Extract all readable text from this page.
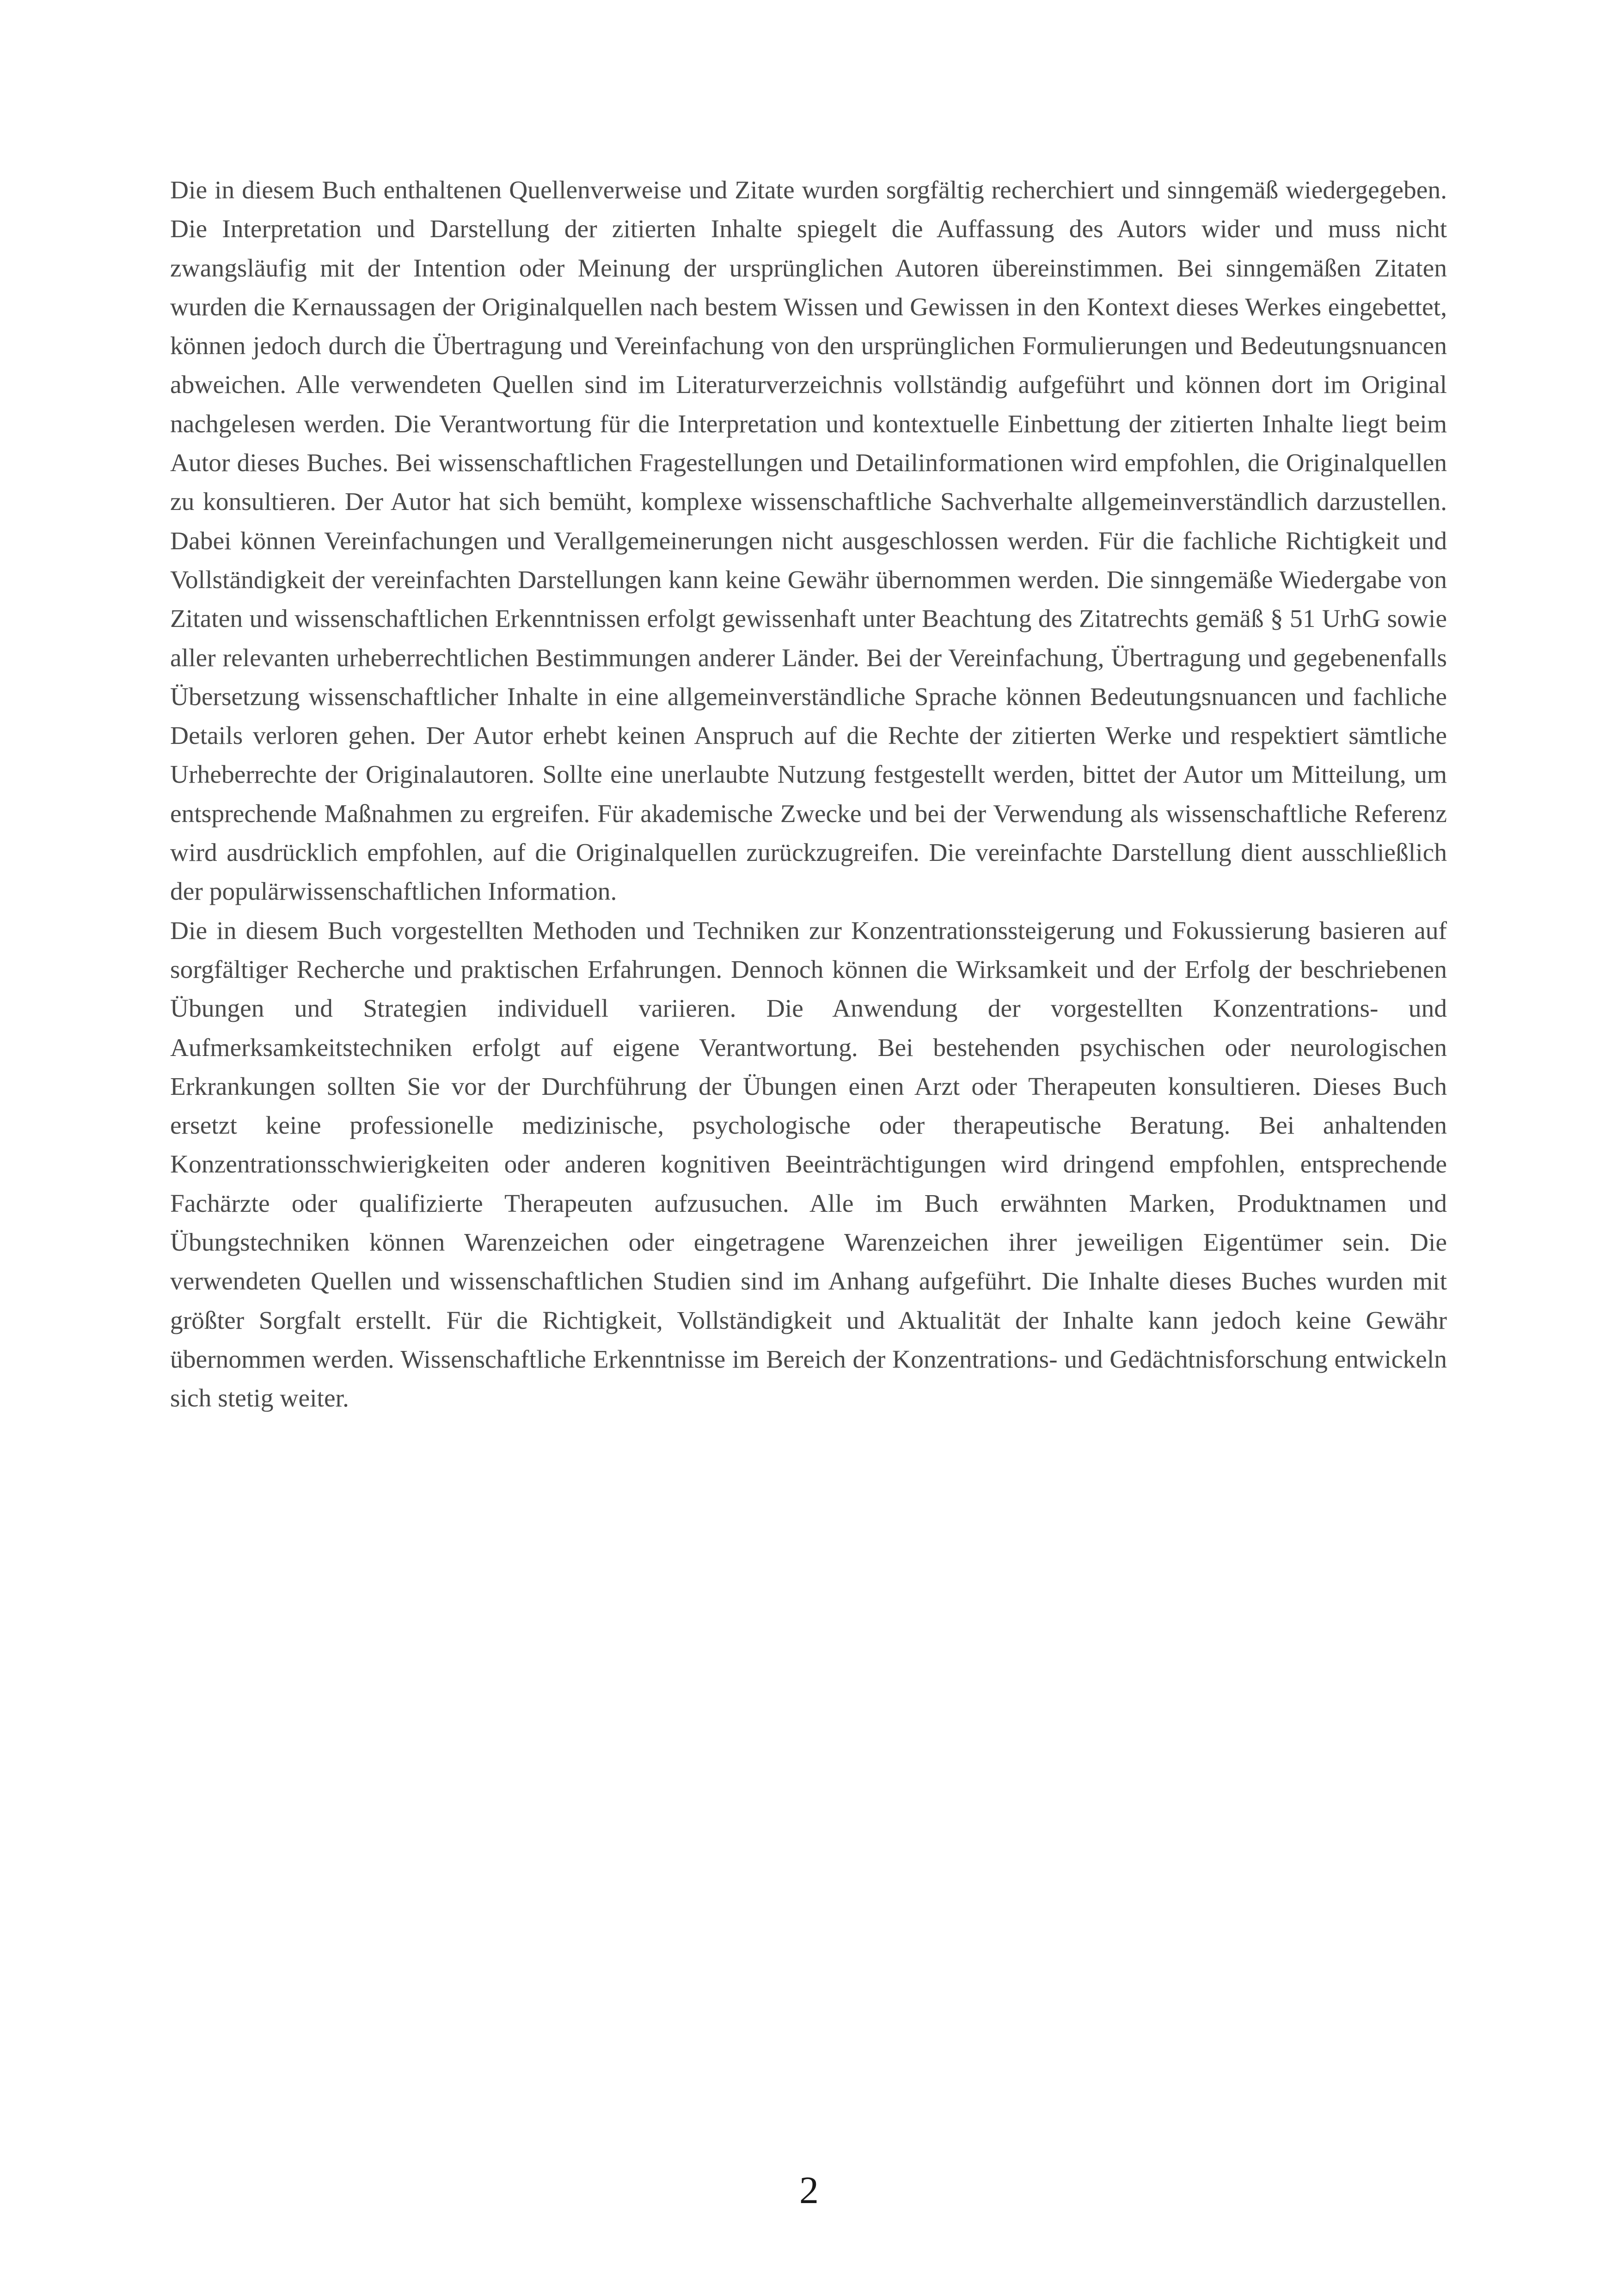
Die in diesem Buch enthaltenen Quellenverweise und Zitate wurden sorgfältig recherchiert und sinngemäß wiedergegeben. Die Interpretation und Darstellung der zitierten Inhalte spiegelt die Auffassung des Autors wider und muss nicht zwangsläufig mit der Intention oder Meinung der ursprünglichen Autoren übereinstimmen. Bei sinngemäßen Zitaten wurden die Kernaussagen der Originalquellen nach bestem Wissen und Gewissen in den Kontext dieses Werkes eingebettet, können jedoch durch die Übertragung und Vereinfachung von den ursprünglichen Formulierungen und Bedeutungsnuancen abweichen. Alle verwendeten Quellen sind im Literaturverzeichnis vollständig aufgeführt und können dort im Original nachgelesen werden. Die Verantwortung für die Interpretation und kontextuelle Einbettung der zitierten Inhalte liegt beim Autor dieses Buches. Bei wissenschaftlichen Fragestellungen und Detailinformationen wird empfohlen, die Originalquellen zu konsultieren. Der Autor hat sich bemüht, komplexe wissenschaftliche Sachverhalte allgemeinverständlich darzustellen. Dabei können Vereinfachungen und Verallgemeinerungen nicht ausgeschlossen werden. Für die fachliche Richtigkeit und Vollständigkeit der vereinfachten Darstellungen kann keine Gewähr übernommen werden. Die sinngemäße Wiedergabe von Zitaten und wissenschaftlichen Erkenntnissen erfolgt gewissenhaft unter Beachtung des Zitatrechts gemäß § 51 UrhG sowie aller relevanten urheberrechtlichen Bestimmungen anderer Länder. Bei der Vereinfachung, Übertragung und gegebenenfalls Übersetzung wissenschaftlicher Inhalte in eine allgemeinverständliche Sprache können Bedeutungsnuancen und fachliche Details verloren gehen. Der Autor erhebt keinen Anspruch auf die Rechte der zitierten Werke und respektiert sämtliche Urheberrechte der Originalautoren. Sollte eine unerlaubte Nutzung festgestellt werden, bittet der Autor um Mitteilung, um entsprechende Maßnahmen zu ergreifen. Für akademische Zwecke und bei der Verwendung als wissenschaftliche Referenz wird ausdrücklich empfohlen, auf die Originalquellen zurückzugreifen. Die vereinfachte Darstellung dient ausschließlich der populärwissenschaftlichen Information.

Die in diesem Buch vorgestellten Methoden und Techniken zur Konzentrationssteigerung und Fokussierung basieren auf sorgfältiger Recherche und praktischen Erfahrungen. Dennoch können die Wirksamkeit und der Erfolg der beschriebenen Übungen und Strategien individuell variieren. Die Anwendung der vorgestellten Konzentrations- und Aufmerksamkeitstechniken erfolgt auf eigene Verantwortung. Bei bestehenden psychischen oder neurologischen Erkrankungen sollten Sie vor der Durchführung der Übungen einen Arzt oder Therapeuten konsultieren. Dieses Buch ersetzt keine professionelle medizinische, psychologische oder therapeutische Beratung. Bei anhaltenden Konzentrationsschwierigkeiten oder anderen kognitiven Beeinträchtigungen wird dringend empfohlen, entsprechende Fachärzte oder qualifizierte Therapeuten aufzusuchen. Alle im Buch erwähnten Marken, Produktnamen und Übungstechniken können Warenzeichen oder eingetragene Warenzeichen ihrer jeweiligen Eigentümer sein. Die verwendeten Quellen und wissenschaftlichen Studien sind im Anhang aufgeführt. Die Inhalte dieses Buches wurden mit größter Sorgfalt erstellt. Für die Richtigkeit, Vollständigkeit und Aktualität der Inhalte kann jedoch keine Gewähr übernommen werden. Wissenschaftliche Erkenntnisse im Bereich der Konzentrations- und Gedächtnisforschung entwickeln sich stetig weiter.

2
